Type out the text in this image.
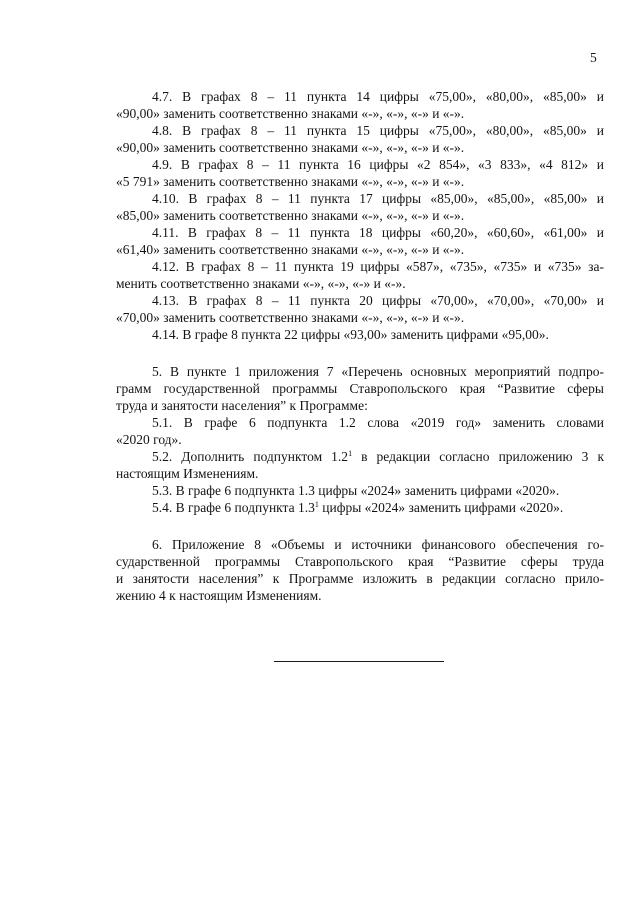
5
4.7. В графах 8 – 11 пункта 14 цифры «75,00», «80,00», «85,00» и
«90,00» заменить соответственно знаками «-», «-», «-» и «-».
4.8. В графах 8 – 11 пункта 15 цифры «75,00», «80,00», «85,00» и
«90,00» заменить соответственно знаками «-», «-», «-» и «-».
4.9. В графах 8 – 11 пункта 16 цифры «2 854», «3 833», «4 812» и
«5 791» заменить соответственно знаками «-», «-», «-» и «-».
4.10. В графах 8 – 11 пункта 17 цифры «85,00», «85,00», «85,00» и
«85,00» заменить соответственно знаками «-», «-», «-» и «-».
4.11. В графах 8 – 11 пункта 18 цифры «60,20», «60,60», «61,00» и
«61,40» заменить соответственно знаками «-», «-», «-» и «-».
4.12. В графах 8 – 11 пункта 19 цифры «587», «735», «735» и «735» за-
менить соответственно знаками «-», «-», «-» и «-».
4.13. В графах 8 – 11 пункта 20 цифры «70,00», «70,00», «70,00» и
«70,00» заменить соответственно знаками «-», «-», «-» и «-».
4.14. В графе 8 пункта 22 цифры «93,00» заменить цифрами «95,00».
5. В пункте 1 приложения 7 «Перечень основных мероприятий подпро-
грамм государственной программы Ставропольского края “Развитие сферы
труда и занятости населения” к Программе:
5.1. В графе 6 подпункта 1.2 слова «2019 год» заменить словами
«2020 год».
5.2. Дополнить подпунктом $1.2^1$ в редакции согласно приложению 3 к
настоящим Изменениям.
5.3. В графе 6 подпункта 1.3 цифры «2024» заменить цифрами «2020».
5.4. В графе 6 подпункта $1.3^1$ цифры «2024» заменить цифрами «2020».
6. Приложение 8 «Объемы и источники финансового обеспечения го-
сударственной программы Ставропольского края “Развитие сферы труда
и занятости населения” к Программе изложить в редакции согласно прило-
жению 4 к настоящим Изменениям.
